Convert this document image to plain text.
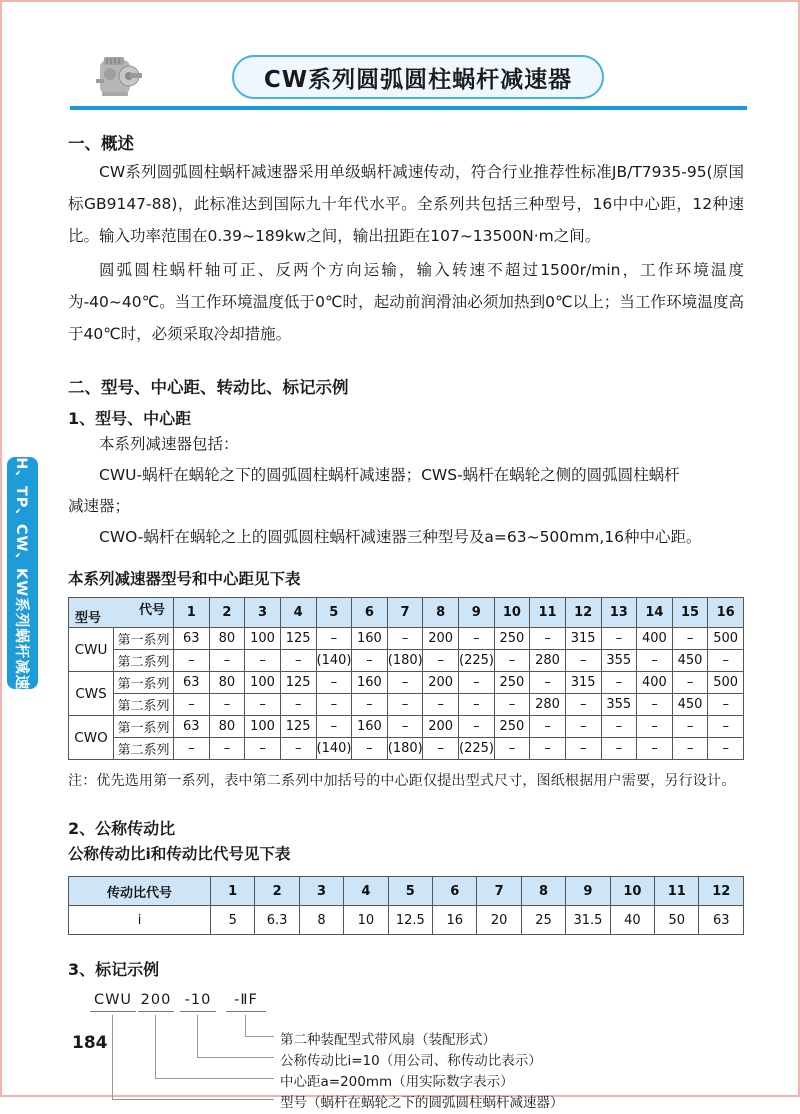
CW系列圆弧圆柱蜗杆减速器
WH、TP、CW、KW系列蜗杆减速机
一、概述

CW系列圆弧圆柱蜗杆减速器采用单级蜗杆减速传动，符合行业推荐性标准JB/T7935-95(原国标GB9147-88)，此标准达到国际九十年代水平。全系列共包括三种型号，16中中心距，12种速比。输入功率范围在0.39~189kw之间，输出扭距在107~13500N·m之间。

圆弧圆柱蜗杆轴可正、反两个方向运输，输入转速不超过1500r/min，工作环境温度为-40~40℃。当工作环境温度低于0℃时，起动前润滑油必须加热到0℃以上；当工作环境温度高于40℃时，必须采取冷却措施。

二、型号、中心距、转动比、标记示例
1、型号、中心距
本系列减速器包括：
CWU-蜗杆在蜗轮之下的圆弧圆柱蜗杆减速器；CWS-蜗杆在蜗轮之侧的圆弧圆柱蜗杆
减速器；
CWO-蜗杆在蜗轮之上的圆弧圆柱蜗杆减速器三种型号及a=63~500mm,16种中心距。
本系列减速器型号和中心距见下表
代号
型号		1	2	3	4	5	6	7	8	9	10	11	12	13	14	15	16
CWU	第一系列	63	80	100	125	–	160	–	200	–	250	–	315	–	400	–	500
	第二系列	–	–	–	–	(140)	–	(180)	–	(225)	–	280	–	355	–	450	–
CWS	第一系列	63	80	100	125	–	160	–	200	–	250	–	315	–	400	–	500
	第二系列	–	–	–	–	–	–	–	–	–	–	280	–	355	–	450	–
CWO	第一系列	63	80	100	125	–	160	–	200	–	250	–	–	–	–	–	–
	第二系列	–	–	–	–	(140)	–	(180)	–	(225)	–	–	–	–	–	–	–
注：优先选用第一系列，表中第二系列中加括号的中心距仅提出型式尺寸，图纸根据用户需要，另行设计。
2、公称传动比
公称传动比i和传动比代号见下表
传动比代号	1	2	3	4	5	6	7	8	9	10	11	12
i	5	6.3	8	10	12.5	16	20	25	31.5	40	50	63
3、标记示例
CWU 200 -10	-ⅡF
第二种装配型式带风扇（装配形式）
公称传动比i=10（用公司、称传动比表示）
中心距a=200mm（用实际数字表示）
型号（蜗杆在蜗轮之下的圆弧圆柱蜗杆减速器）
184
